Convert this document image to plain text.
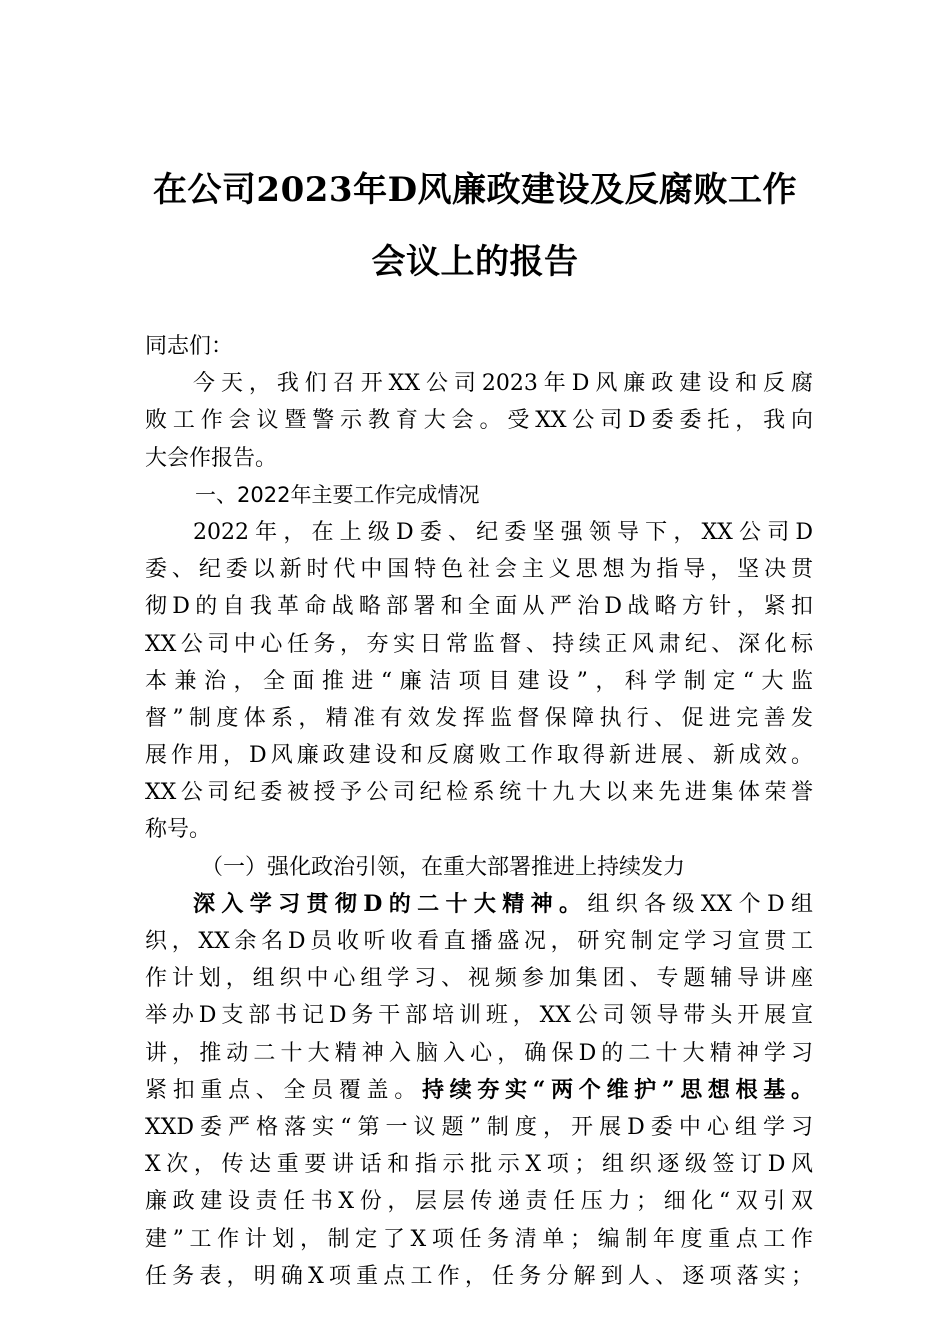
在公司2023年D风廉政建设及反腐败工作
会议上的报告
同志们：
今天，我们召开XX公司2023年D风廉政建设和反腐
败工作会议暨警示教育大会。受XX公司D委委托，我向
大会作报告。
一、2022年主要工作完成情况
2022年，在上级D委、纪委坚强领导下，XX公司D
委、纪委以新时代中国特色社会主义思想为指导，坚决贯
彻D的自我革命战略部署和全面从严治D战略方针，紧扣
XX公司中心任务，夯实日常监督、持续正风肃纪、深化标
本兼治，全面推进“廉洁项目建设”，科学制定“大监
督”制度体系，精准有效发挥监督保障执行、促进完善发
展作用，D风廉政建设和反腐败工作取得新进展、新成效。
XX公司纪委被授予公司纪检系统十九大以来先进集体荣誉
称号。
（一）强化政治引领，在重大部署推进上持续发力
深入学习贯彻D的二十大精神。组织各级XX个D组
织，XX余名D员收听收看直播盛况，研究制定学习宣贯工
作计划，组织中心组学习、视频参加集团、专题辅导讲座
举办D支部书记D务干部培训班，XX公司领导带头开展宣
讲，推动二十大精神入脑入心，确保D的二十大精神学习
紧扣重点、全员覆盖。持续夯实“两个维护”思想根基。
XXD委严格落实“第一议题”制度，开展D委中心组学习
X次，传达重要讲话和指示批示X项；组织逐级签订D风
廉政建设责任书X份，层层传递责任压力；细化“双引双
建”工作计划，制定了X项任务清单；编制年度重点工作
任务表，明确X项重点工作，任务分解到人、逐项落实；
